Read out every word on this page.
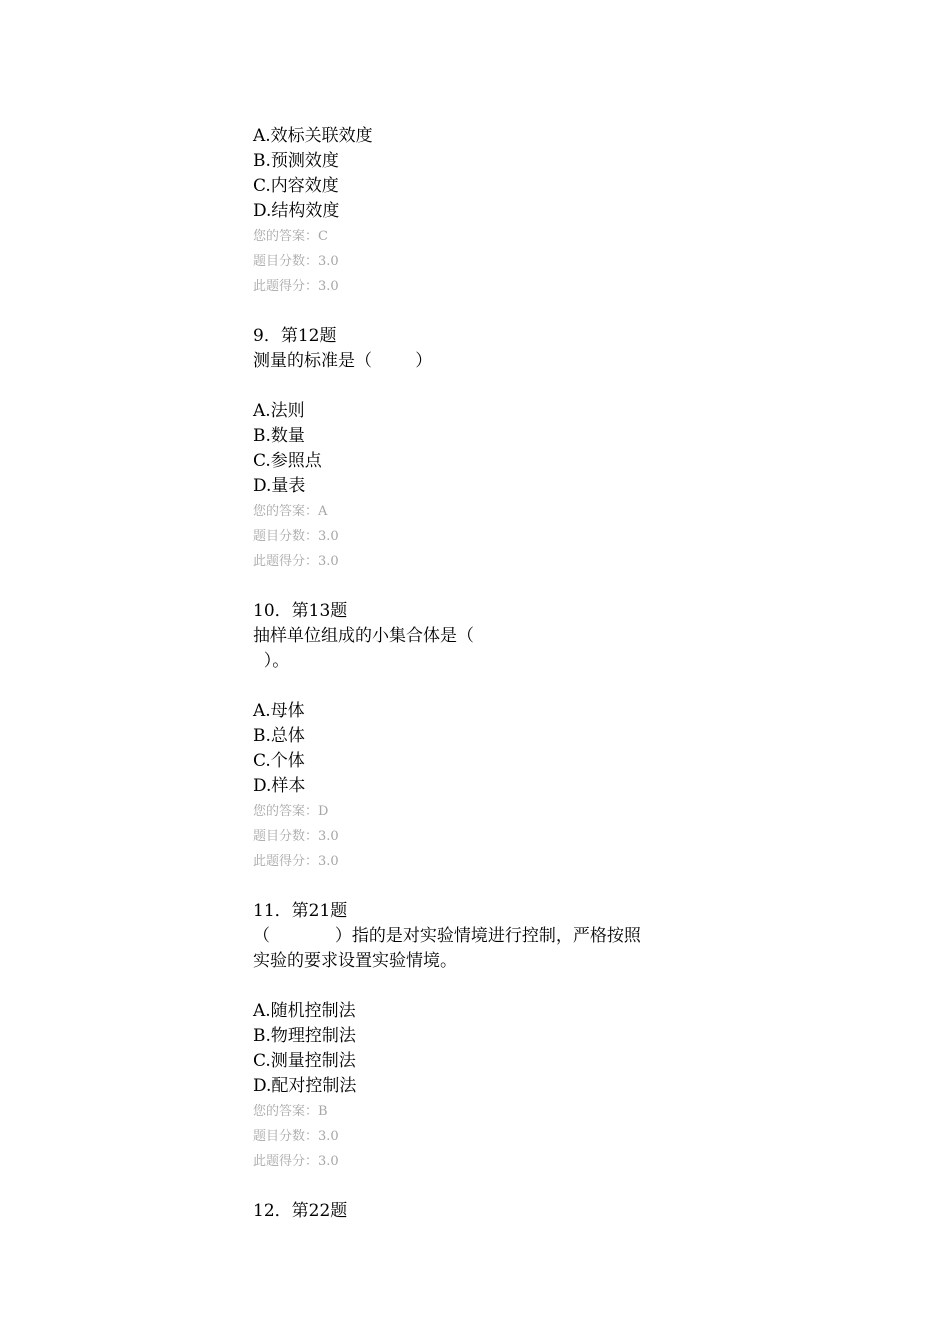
A.效标关联效度
B.预测效度
C.内容效度
D.结构效度
您的答案：C
题目分数：3.0
此题得分：3.0
9．第12题
测量的标准是（        ）
A.法则
B.数量
C.参照点
D.量表
您的答案：A
题目分数：3.0
此题得分：3.0
10．第13题
抽样单位组成的小集合体是（
）。
A.母体
B.总体
C.个体
D.样本
您的答案：D
题目分数：3.0
此题得分：3.0
11．第21题
（            ）指的是对实验情境进行控制，严格按照
实验的要求设置实验情境。
A.随机控制法
B.物理控制法
C.测量控制法
D.配对控制法
您的答案：B
题目分数：3.0
此题得分：3.0
12．第22题
